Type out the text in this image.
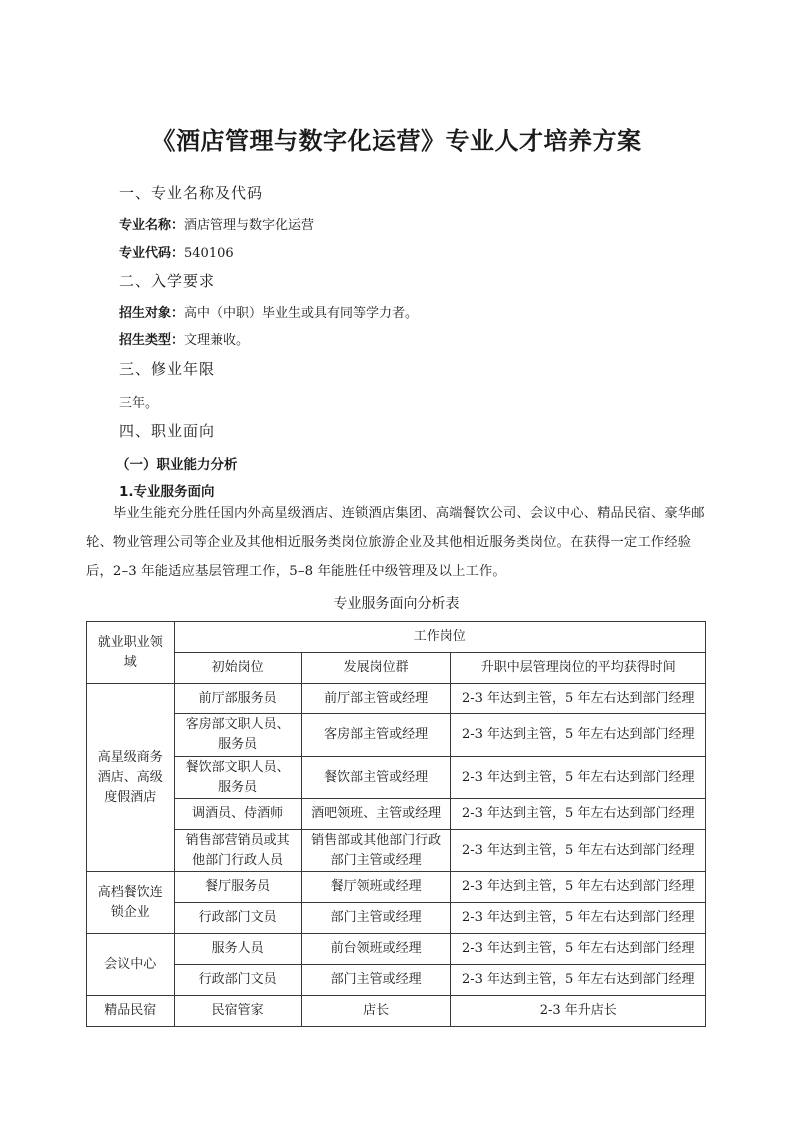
《酒店管理与数字化运营》专业人才培养方案
一、专业名称及代码
专业名称：酒店管理与数字化运营
专业代码：540106
二、入学要求
招生对象：高中（中职）毕业生或具有同等学力者。
招生类型：文理兼收。
三、修业年限
三年。
四、职业面向
（一）职业能力分析
1.专业服务面向
毕业生能充分胜任国内外高星级酒店、连锁酒店集团、高端餐饮公司、会议中心、精品民宿、豪华邮轮、物业管理公司等企业及其他相近服务类岗位旅游企业及其他相近服务类岗位。在获得一定工作经验后，2–3 年能适应基层管理工作，5–8 年能胜任中级管理及以上工作。
专业服务面向分析表
就业职业领域	工作岗位		
	初始岗位	发展岗位群	升职中层管理岗位的平均获得时间
高星级商务酒店、高级度假酒店	前厅部服务员	前厅部主管或经理	2-3 年达到主管，5 年左右达到部门经理
	客房部文职人员、服务员	客房部主管或经理	2-3 年达到主管，5 年左右达到部门经理
	餐饮部文职人员、服务员	餐饮部主管或经理	2-3 年达到主管，5 年左右达到部门经理
	调酒员、侍酒师	酒吧领班、主管或经理	2-3 年达到主管，5 年左右达到部门经理
	销售部营销员或其他部门行政人员	销售部或其他部门行政部门主管或经理	2-3 年达到主管，5 年左右达到部门经理
高档餐饮连锁企业	餐厅服务员	餐厅领班或经理	2-3 年达到主管，5 年左右达到部门经理
	行政部门文员	部门主管或经理	2-3 年达到主管，5 年左右达到部门经理
会议中心	服务人员	前台领班或经理	2-3 年达到主管，5 年左右达到部门经理
	行政部门文员	部门主管或经理	2-3 年达到主管，5 年左右达到部门经理
精品民宿	民宿管家	店长	2-3 年升店长
